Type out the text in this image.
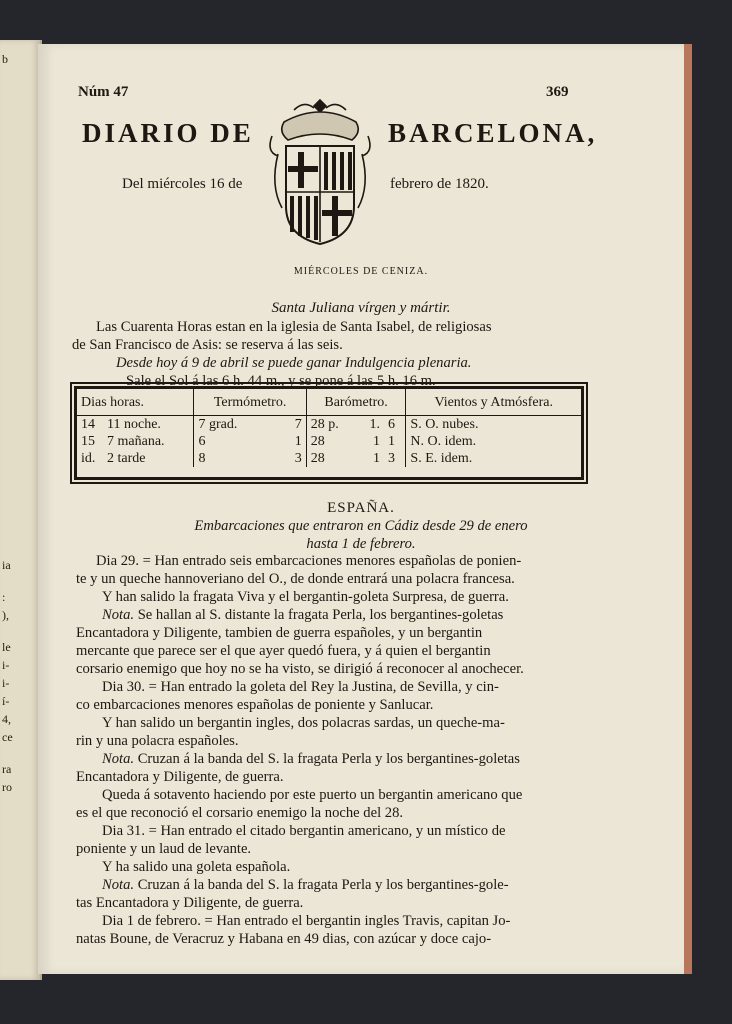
b
ia
:
),
le
i-
i-
í-
4,
ce
ra
ro
Núm 47	369
DIARIO DE	BARCELONA,
Del miércoles 16 de	febrero de 1820.
MIÉRCOLES DE CENIZA.
Santa Juliana vírgen y mártir.
Las Cuarenta Horas estan en la iglesia de Santa Isabel, de religiosas
de San Francisco de Asis: se reserva á las seis.
Desde hoy á 9 de abril se puede ganar Indulgencia plenaria.
Sale el Sol á las 6 h. 44 m., y se pone á las 5 h. 16 m.
Dias horas.		Termómetro.		Barómetro.			Vientos y Atmósfera.
14	11 noche.	7 grad.	7	28 p.	1.	6	S. O. nubes.
15	7 mañana.	6	1	28	1	1	N. O. idem.
id.	2 tarde	8	3	28	1	3	S. E. idem.
ESPAÑA.
Embarcaciones que entraron en Cádiz desde 29 de enero
hasta 1 de febrero.
Dia 29. = Han entrado seis embarcaciones menores españolas de ponien-
te y un queche hannoveriano del O., de donde entrará una polacra francesa.
Y han salido la fragata Viva y el bergantin-goleta Surpresa, de guerra.
Nota. Se hallan al S. distante la fragata Perla, los bergantines-goletas
Encantadora y Diligente, tambien de guerra españoles, y un bergantin
mercante que parece ser el que ayer quedó fuera, y á quien el bergantin
corsario enemigo que hoy no se ha visto, se dirigió á reconocer al anochecer.
Dia 30. = Han entrado la goleta del Rey la Justina, de Sevilla, y cin-
co embarcaciones menores españolas de poniente y Sanlucar.
Y han salido un bergantin ingles, dos polacras sardas, un queche-ma-
rin y una polacra españoles.
Nota. Cruzan á la banda del S. la fragata Perla y los bergantines-goletas
Encantadora y Diligente, de guerra.
Queda á sotavento haciendo por este puerto un bergantin americano que
es el que reconoció el corsario enemigo la noche del 28.
Dia 31. = Han entrado el citado bergantin americano, y un místico de
poniente y un laud de levante.
Y ha salido una goleta española.
Nota. Cruzan á la banda del S. la fragata Perla y los bergantines-gole-
tas Encantadora y Diligente, de guerra.
Dia 1 de febrero. = Han entrado el bergantin ingles Travis, capitan Jo-
natas Boune, de Veracruz y Habana en 49 dias, con azúcar y doce cajo-
